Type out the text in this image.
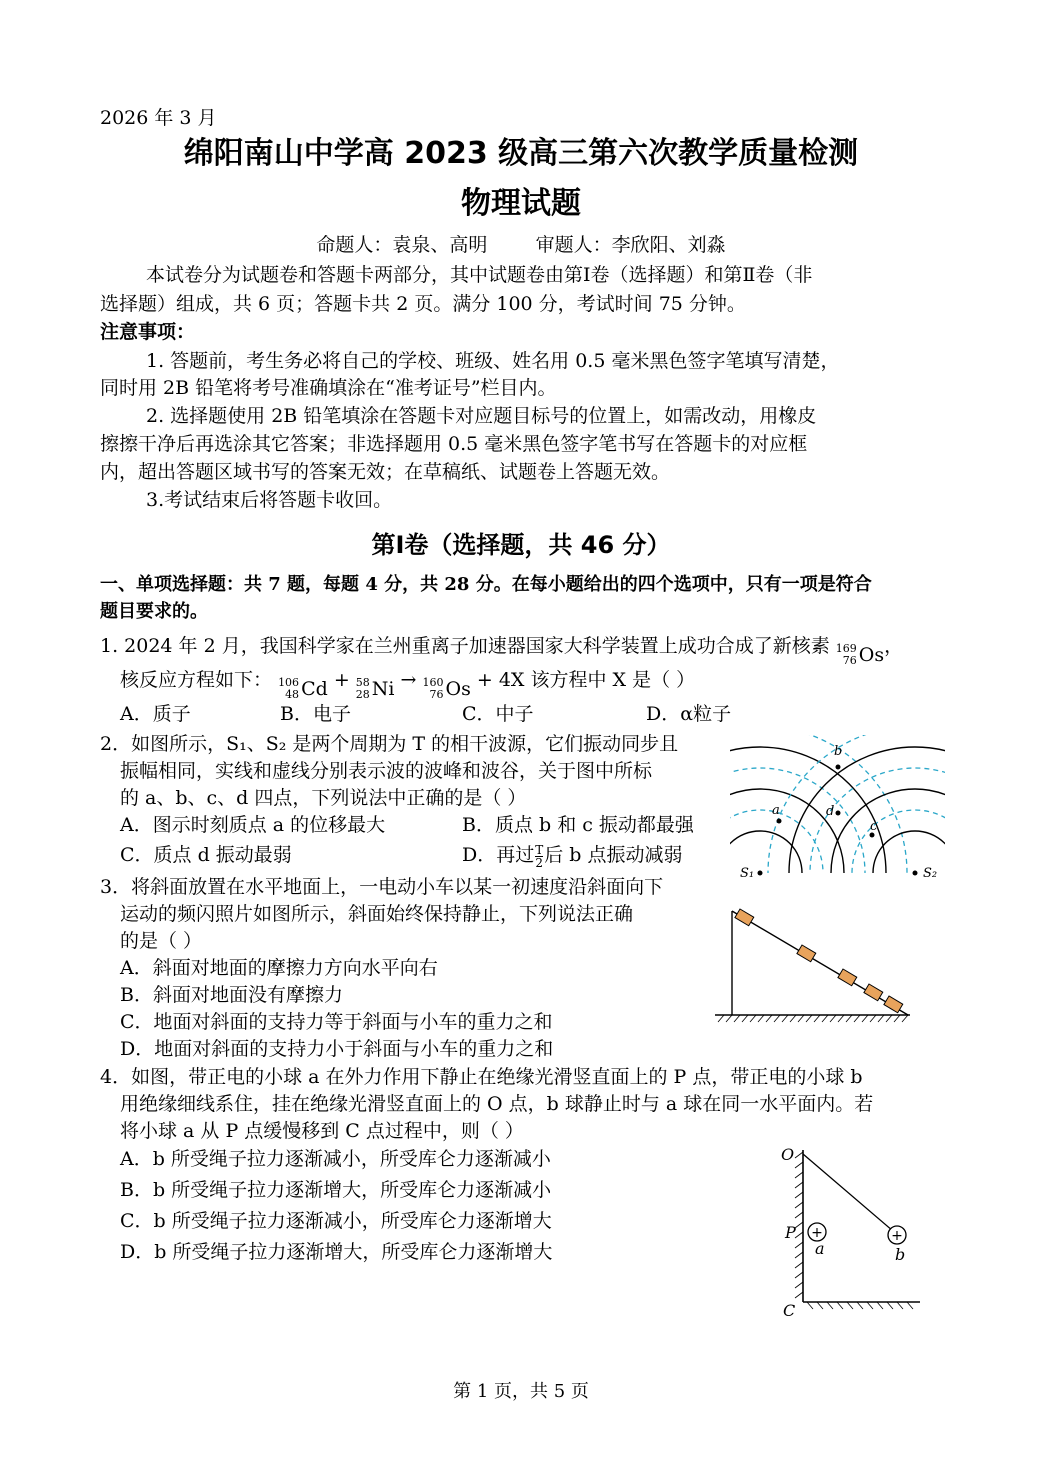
2026 年 3 月
绵阳南山中学高 2023 级高三第六次教学质量检测
物理试题
命题人：袁泉、高明        审题人：李欣阳、刘淼
本试卷分为试题卷和答题卡两部分，其中试题卷由第Ⅰ卷（选择题）和第Ⅱ卷（非
选择题）组成，共 6 页；答题卡共 2 页。满分 100 分，考试时间 75 分钟。
注意事项：
1. 答题前，考生务必将自己的学校、班级、姓名用 0.5 毫米黑色签字笔填写清楚，
同时用 2B 铅笔将考号准确填涂在“准考证号”栏目内。
2. 选择题使用 2B 铅笔填涂在答题卡对应题目标号的位置上，如需改动，用橡皮
擦擦干净后再选涂其它答案；非选择题用 0.5 毫米黑色签字笔书写在答题卡的对应框
内，超出答题区域书写的答案无效；在草稿纸、试题卷上答题无效。
3.考试结束后将答题卡收回。
第Ⅰ卷（选择题，共 46 分）
一、单项选择题：共 7 题，每题 4 分，共 28 分。在每小题给出的四个选项中，只有一项是符合
题目要求的。
1. 2024 年 2 月，我国科学家在兰州重离子加速器国家大科学装置上成功合成了新核素 169
76 Os ，
核反应方程如下： 106
48 Cd + 58
28 Ni → 160
76 Os + 4X 该方程中 X 是（ ）
A．质子	B．电子	C．中子	D．α粒子
2．如图所示，S₁、S₂ 是两个周期为 T 的相干波源，它们振动同步且
振幅相同，实线和虚线分别表示波的波峰和波谷，关于图中所标
的 a、b、c、d 四点，下列说法中正确的是（ ）
A．图示时刻质点 a 的位移最大	B．质点 b 和 c 振动都最强
C．质点 d 振动最弱	D．再过 $\frac{T}{2}$ 后 b 点振动减弱
b
a	d
c
S₁	S₂
3．将斜面放置在水平地面上，一电动小车以某一初速度沿斜面向下
运动的频闪照片如图所示，斜面始终保持静止，下列说法正确
的是（ ）
A．斜面对地面的摩擦力方向水平向右
B．斜面对地面没有摩擦力
C．地面对斜面的支持力等于斜面与小车的重力之和
D．地面对斜面的支持力小于斜面与小车的重力之和
4．如图，带正电的小球 a 在外力作用下静止在绝缘光滑竖直面上的 P 点，带正电的小球 b
用绝缘细线系住，挂在绝缘光滑竖直面上的 O 点，b 球静止时与 a 球在同一水平面内。若
将小球 a 从 P 点缓慢移到 C 点过程中，则（ ）
A．b 所受绳子拉力逐渐减小，所受库仑力逐渐减小
B．b 所受绳子拉力逐渐增大，所受库仑力逐渐减小
C．b 所受绳子拉力逐渐减小，所受库仑力逐渐增大
D．b 所受绳子拉力逐渐增大，所受库仑力逐渐增大
+	+
O
P
a	b
C
第 1 页，共 5 页
